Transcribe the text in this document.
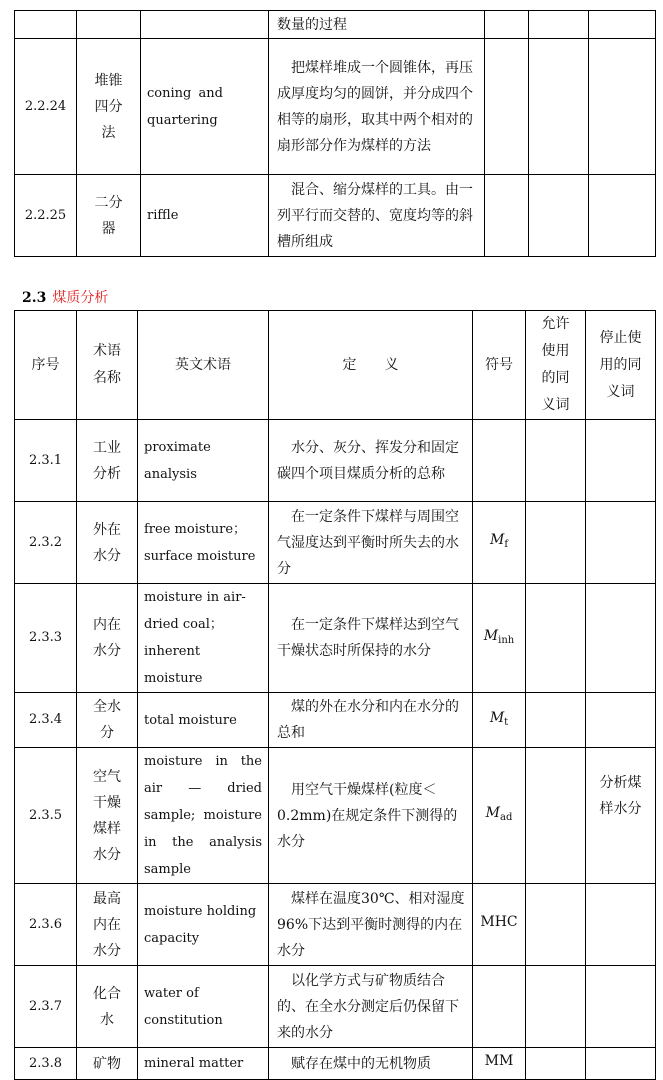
			数量的过程			

2.2.24	堆锥四分法	coning and quartering	把煤样堆成一个圆锥体，再压成厚度均匀的圆饼，并分成四个相等的扇形，取其中两个相对的扇形部分作为煤样的方法			

2.2.25	二分器	riffle	混合、缩分煤样的工具。由一列平行而交替的、宽度均等的斜槽所组成			

2.3 煤质分析
序号	术语名称	英文术语	定　　义	符号	允许使用的同义词	停止使用的同义词

2.3.1	工业分析	proximate analysis	水分、灰分、挥发分和固定碳四个项目煤质分析的总称			

2.3.2	外在水分	free moisture；surface moisture	在一定条件下煤样与周围空气湿度达到平衡时所失去的水分	$M_f$		
2.3.3	内在水分	moisture in air-dried coal；inherent moisture	在一定条件下煤样达到空气干燥状态时所保持的水分	$M_{inh}$		
2.3.4	全水分	total moisture	煤的外在水分和内在水分的总和	$M_t$		
2.3.5	空气干燥煤样水分	moisture in the air — dried sample; moisture in the analysis sample	用空气干燥煤样(粒度＜0.2mm)在规定条件下测得的水分	$M_{ad}$		分析煤样水分

2.3.6	最高内在水分	moisture holding capacity	煤样在温度30℃、相对湿度 96%下达到平衡时测得的内在水分	MHC		
2.3.7	化合水	water of constitution	以化学方式与矿物质结合的、在全水分测定后仍保留下来的水分			

2.3.8	矿物	mineral matter	赋存在煤中的无机物质	MM		
